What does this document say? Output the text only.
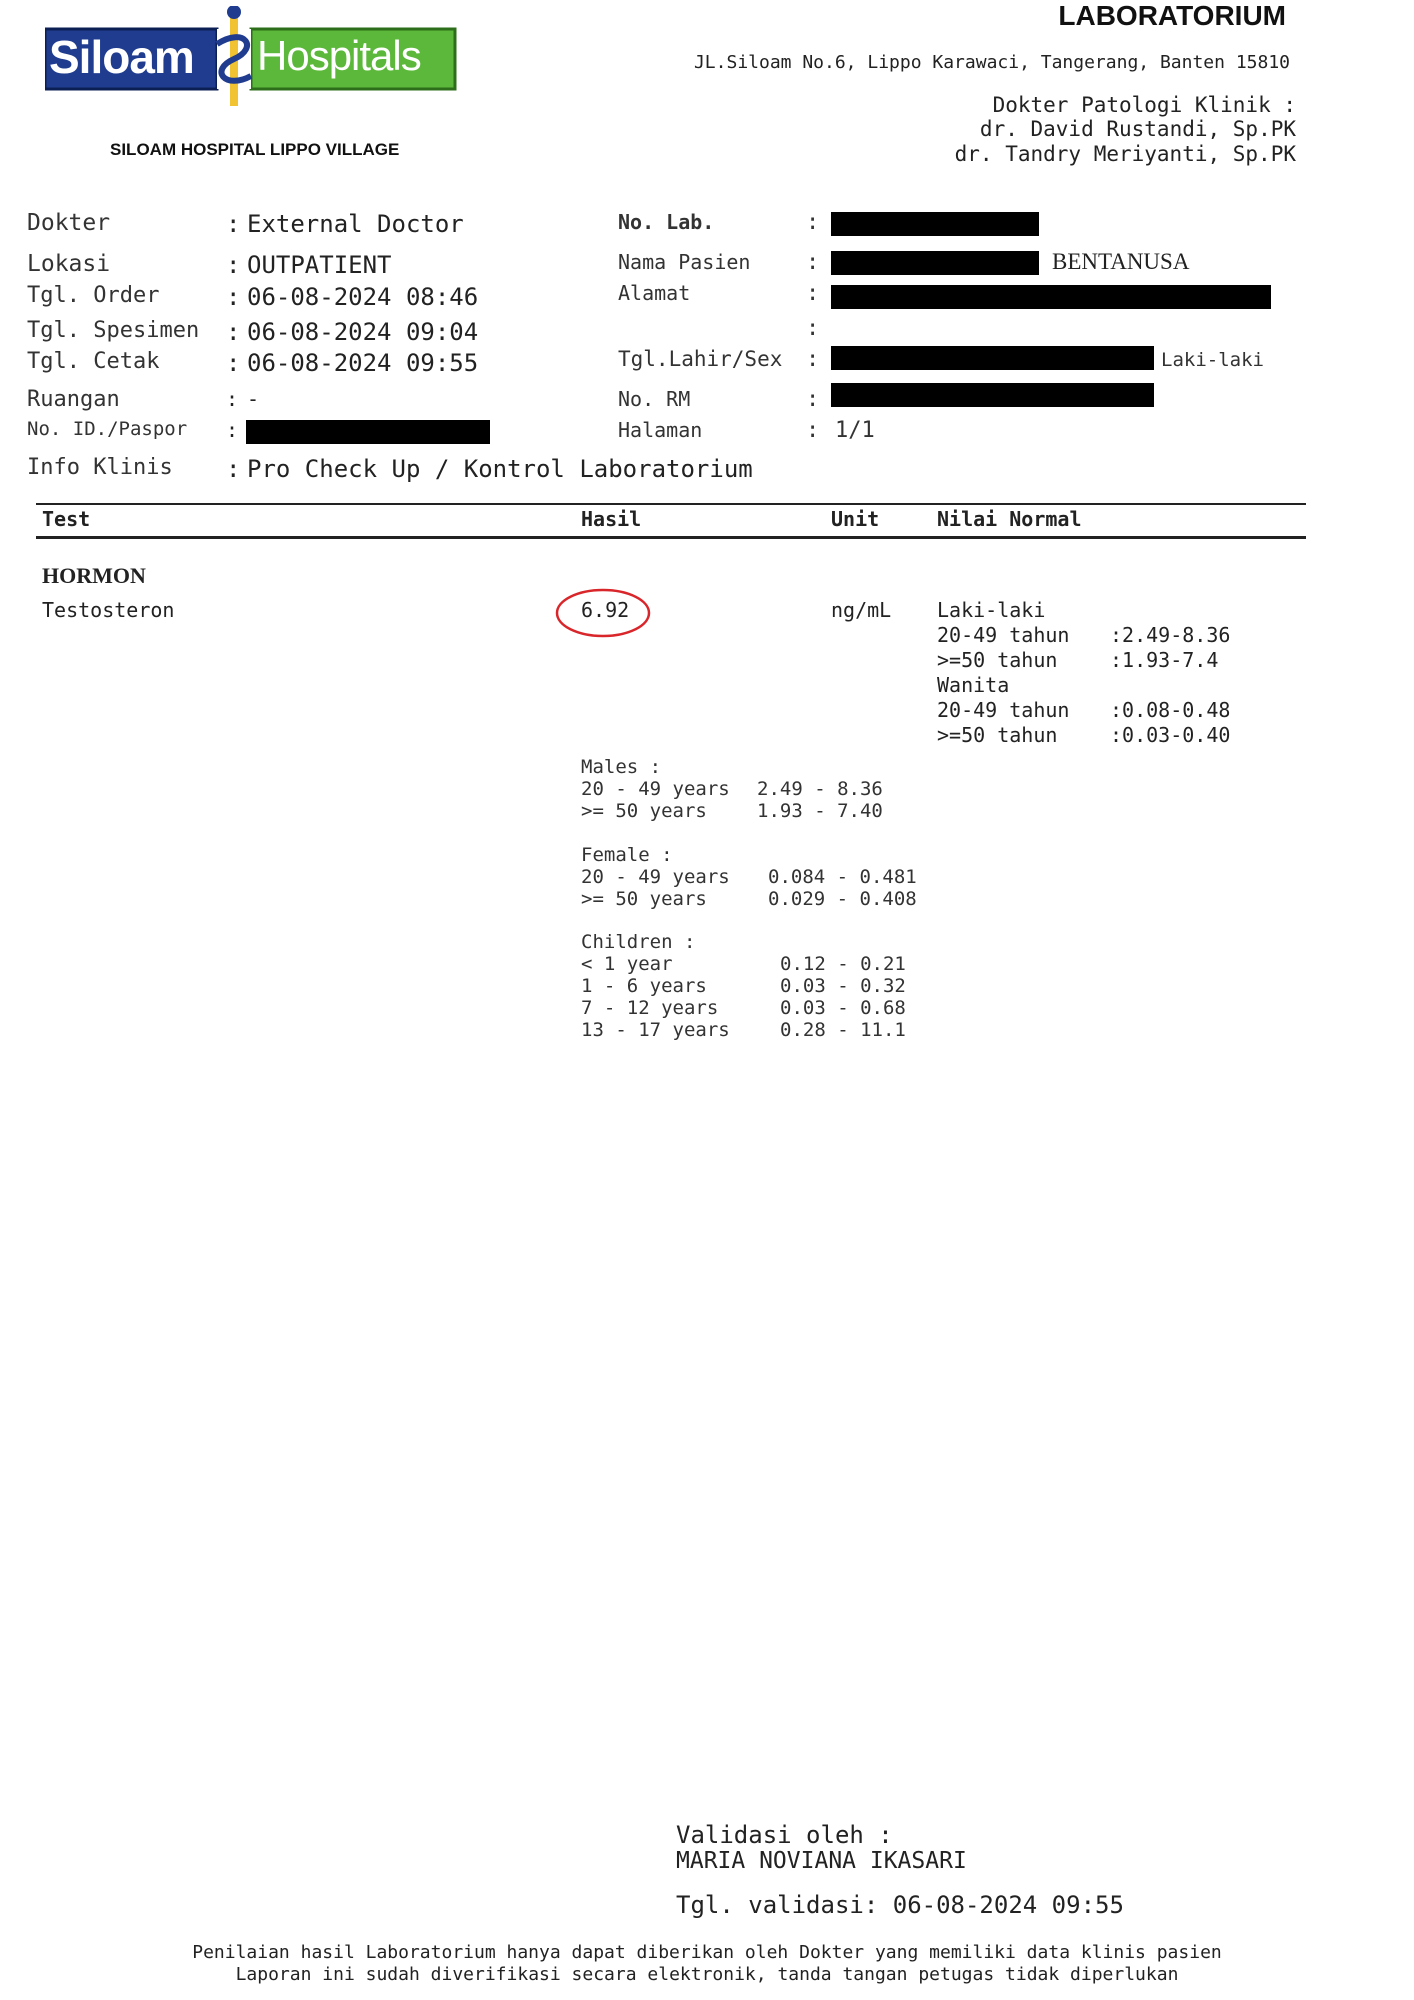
Siloam Hospitals
SILOAM HOSPITAL LIPPO VILLAGE
LABORATORIUM
JL.Siloam No.6, Lippo Karawaci, Tangerang, Banten 15810
Dokter Patologi Klinik :
dr. David Rustandi, Sp.PK
dr. Tandry Meriyanti, Sp.PK
Dokter	: External Doctor
Lokasi	: OUTPATIENT
Tgl. Order	: 06-08-2024 08:46
Tgl. Spesimen : 06-08-2024 09:04
Tgl. Cetak	: 06-08-2024 09:55
Ruangan	: -
No. ID./Paspor :
Info Klinis : Pro Check Up / Kontrol Laboratorium
No. Lab.	:
Nama Pasien	:	BENTANUSA
Alamat	:
:
Tgl.Lahir/Sex :	Laki-laki
No. RM	:
Halaman	: 1/1
Test	Hasil	Unit	Nilai Normal
HORMON
Testosteron	6.92	ng/mL Laki-laki
20-49 tahun :2.49-8.36
>=50 tahun	:1.93-7.4
Wanita
20-49 tahun :0.08-0.48
>=50 tahun	:0.03-0.40
Males :
20 - 49 years 2.49 - 8.36
>= 50 years	1.93 - 7.40
Female :
20 - 49 years 0.084 - 0.481
>= 50 years	0.029 - 0.408
Children :
< 1 year	0.12 - 0.21
1 - 6 years	0.03 - 0.32
7 - 12 years	0.03 - 0.68
13 - 17 years	0.28 - 11.1
Validasi oleh :
MARIA NOVIANA IKASARI
Tgl. validasi: 06-08-2024 09:55
Penilaian hasil Laboratorium hanya dapat diberikan oleh Dokter yang memiliki data klinis pasien
Laporan ini sudah diverifikasi secara elektronik, tanda tangan petugas tidak diperlukan
